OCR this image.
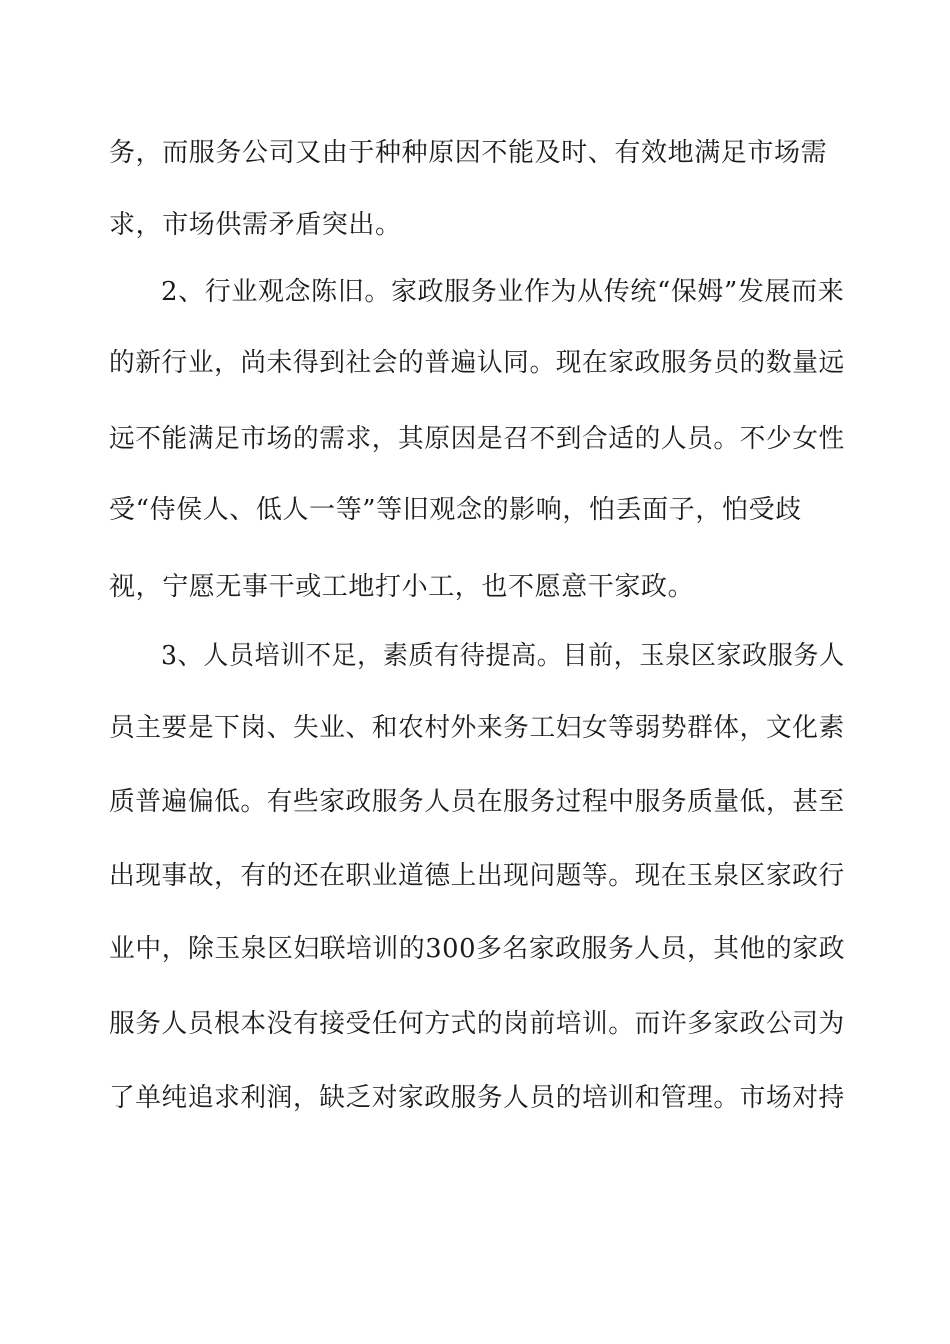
务，而服务公司又由于种种原因不能及时、有效地满足市场需
求，市场供需矛盾突出。
2、行业观念陈旧。家政服务业作为从传统“保姆”发展而来
的新行业，尚未得到社会的普遍认同。现在家政服务员的数量远
远不能满足市场的需求，其原因是召不到合适的人员。不少女性
受“侍侯人、低人一等”等旧观念的影响，怕丢面子，怕受歧
视，宁愿无事干或工地打小工，也不愿意干家政。
3、人员培训不足，素质有待提高。目前，玉泉区家政服务人
员主要是下岗、失业、和农村外来务工妇女等弱势群体，文化素
质普遍偏低。有些家政服务人员在服务过程中服务质量低，甚至
出现事故，有的还在职业道德上出现问题等。现在玉泉区家政行
业中，除玉泉区妇联培训的300多名家政服务人员，其他的家政
服务人员根本没有接受任何方式的岗前培训。而许多家政公司为
了单纯追求利润，缺乏对家政服务人员的培训和管理。市场对持
